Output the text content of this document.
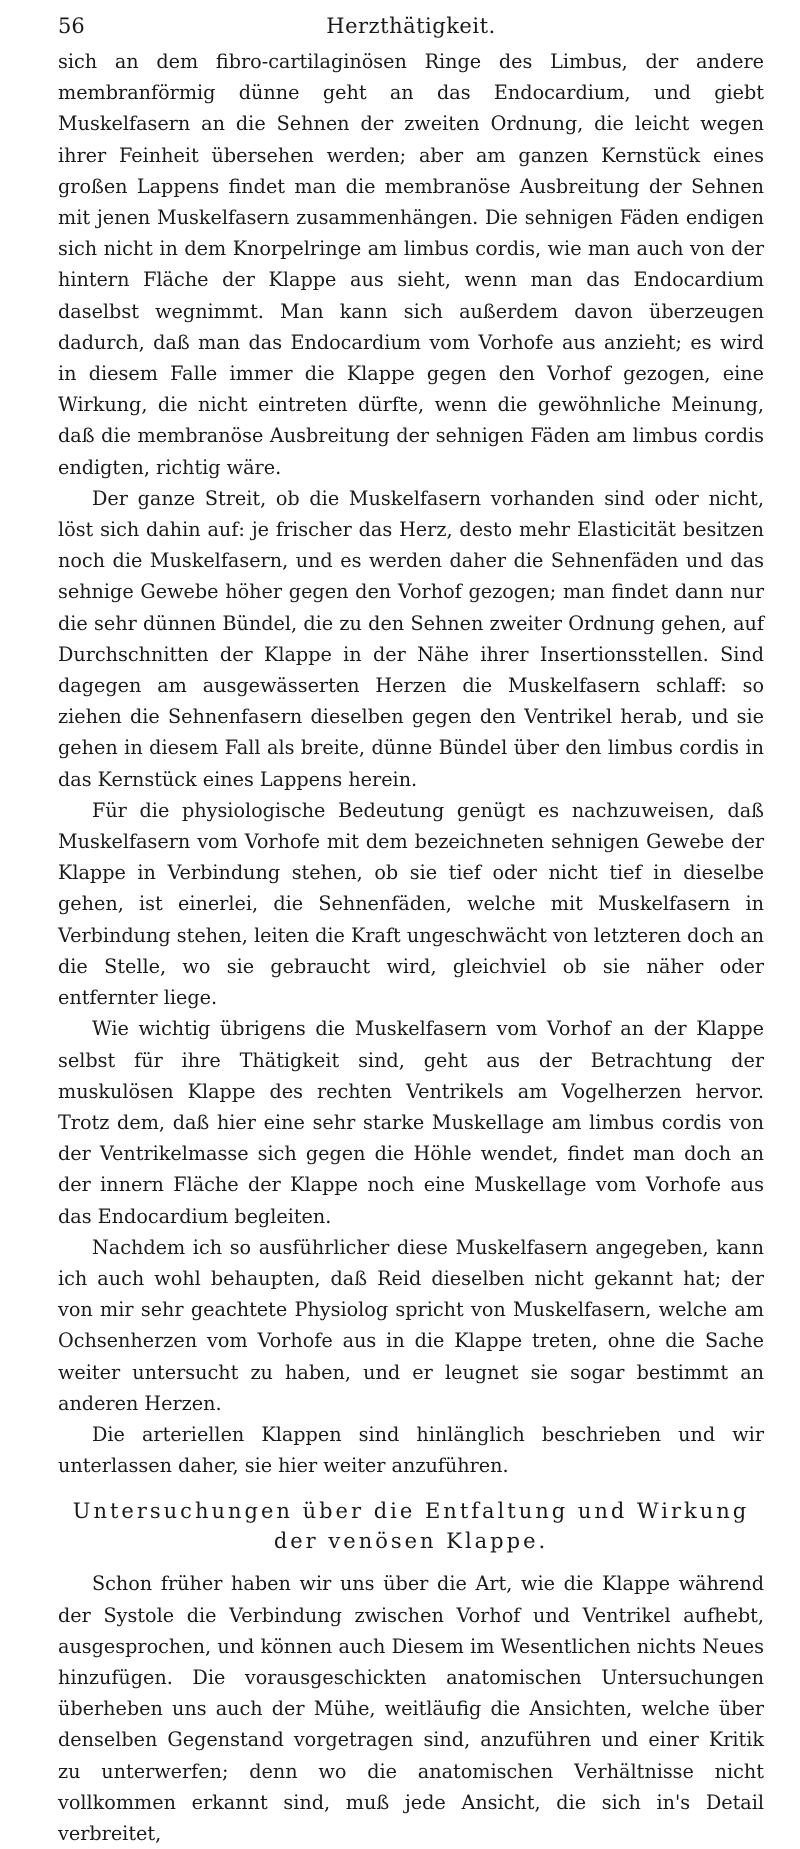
56	Herzthätigkeit.

sich an dem fibro-cartilaginösen Ringe des Limbus, der andere membranförmig dünne geht an das Endocardium, und giebt Muskelfasern an die Sehnen der zweiten Ordnung, die leicht wegen ihrer Feinheit übersehen werden; aber am ganzen Kernstück eines großen Lappens findet man die membranöse Ausbreitung der Sehnen mit jenen Muskelfasern zusammenhängen. Die sehnigen Fäden endigen sich nicht in dem Knorpelringe am limbus cordis, wie man auch von der hintern Fläche der Klappe aus sieht, wenn man das Endocardium daselbst wegnimmt. Man kann sich außerdem davon überzeugen dadurch, daß man das Endocardium vom Vorhofe aus anzieht; es wird in diesem Falle immer die Klappe gegen den Vorhof gezogen, eine Wirkung, die nicht eintreten dürfte, wenn die gewöhnliche Meinung, daß die membranöse Ausbreitung der sehnigen Fäden am limbus cordis endigten, richtig wäre.

Der ganze Streit, ob die Muskelfasern vorhanden sind oder nicht, löst sich dahin auf: je frischer das Herz, desto mehr Elasticität besitzen noch die Muskelfasern, und es werden daher die Sehnenfäden und das sehnige Gewebe höher gegen den Vorhof gezogen; man findet dann nur die sehr dünnen Bündel, die zu den Sehnen zweiter Ordnung gehen, auf Durchschnitten der Klappe in der Nähe ihrer Insertionsstellen. Sind dagegen am ausgewässerten Herzen die Muskelfasern schlaff: so ziehen die Sehnenfasern dieselben gegen den Ventrikel herab, und sie gehen in diesem Fall als breite, dünne Bündel über den limbus cordis in das Kernstück eines Lappens herein.

Für die physiologische Bedeutung genügt es nachzuweisen, daß Muskelfasern vom Vorhofe mit dem bezeichneten sehnigen Gewebe der Klappe in Verbindung stehen, ob sie tief oder nicht tief in dieselbe gehen, ist einerlei, die Sehnenfäden, welche mit Muskelfasern in Verbindung stehen, leiten die Kraft ungeschwächt von letzteren doch an die Stelle, wo sie gebraucht wird, gleichviel ob sie näher oder entfernter liege.

Wie wichtig übrigens die Muskelfasern vom Vorhof an der Klappe selbst für ihre Thätigkeit sind, geht aus der Betrachtung der muskulösen Klappe des rechten Ventrikels am Vogelherzen hervor. Trotz dem, daß hier eine sehr starke Muskellage am limbus cordis von der Ventrikelmasse sich gegen die Höhle wendet, findet man doch an der innern Fläche der Klappe noch eine Muskellage vom Vorhofe aus das Endocardium begleiten.

Nachdem ich so ausführlicher diese Muskelfasern angegeben, kann ich auch wohl behaupten, daß Reid dieselben nicht gekannt hat; der von mir sehr geachtete Physiolog spricht von Muskelfasern, welche am Ochsenherzen vom Vorhofe aus in die Klappe treten, ohne die Sache weiter untersucht zu haben, und er leugnet sie sogar bestimmt an anderen Herzen.

Die arteriellen Klappen sind hinlänglich beschrieben und wir unterlassen daher, sie hier weiter anzuführen.

Untersuchungen über die Entfaltung und Wirkung der venösen Klappe.

Schon früher haben wir uns über die Art, wie die Klappe während der Systole die Verbindung zwischen Vorhof und Ventrikel aufhebt, ausgesprochen, und können auch Diesem im Wesentlichen nichts Neues hinzufügen. Die vorausgeschickten anatomischen Untersuchungen überheben uns auch der Mühe, weitläufig die Ansichten, welche über denselben Gegenstand vorgetragen sind, anzuführen und einer Kritik zu unterwerfen; denn wo die anatomischen Verhältnisse nicht vollkommen erkannt sind, muß jede Ansicht, die sich in's Detail verbreitet,
